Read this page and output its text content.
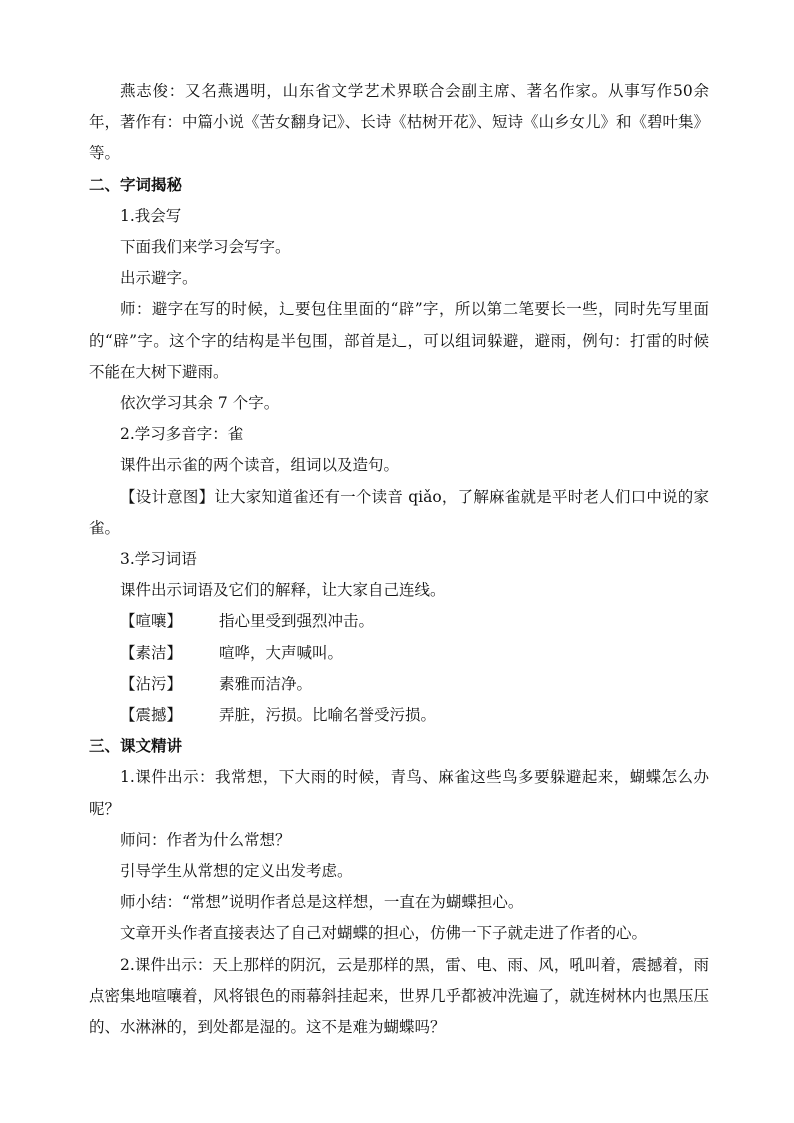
燕志俊：又名燕遇明，山东省文学艺术界联合会副主席、著名作家。从事写作50余年，著作有：中篇小说《苦女翻身记》、长诗《枯树开花》、短诗《山乡女儿》和《碧叶集》等。

二、字词揭秘

1.我会写

下面我们来学习会写字。

出示避字。

师：避字在写的时候，辶要包住里面的“辟”字，所以第二笔要长一些，同时先写里面的“辟”字。这个字的结构是半包围，部首是辶，可以组词躲避，避雨，例句：打雷的时候不能在大树下避雨。

依次学习其余 7 个字。

2.学习多音字：雀

课件出示雀的两个读音，组词以及造句。

【设计意图】让大家知道雀还有一个读音 qiǎo，了解麻雀就是平时老人们口中说的家雀。

3.学习词语

课件出示词语及它们的解释，让大家自己连线。

【喧嚷】	指心里受到强烈冲击。
【素洁】	喧哗，大声喊叫。
【沾污】	素雅而洁净。
【震撼】	弄脏，污损。比喻名誉受污损。

三、课文精讲

1.课件出示：我常想，下大雨的时候，青鸟、麻雀这些鸟多要躲避起来，蝴蝶怎么办呢？

师问：作者为什么常想？

引导学生从常想的定义出发考虑。

师小结：“常想”说明作者总是这样想，一直在为蝴蝶担心。

文章开头作者直接表达了自己对蝴蝶的担心，仿佛一下子就走进了作者的心。

2.课件出示：天上那样的阴沉，云是那样的黑，雷、电、雨、风，吼叫着，震撼着，雨点密集地喧嚷着，风将银色的雨幕斜挂起来，世界几乎都被冲洗遍了，就连树林内也黑压压的、水淋淋的，到处都是湿的。这不是难为蝴蝶吗？
